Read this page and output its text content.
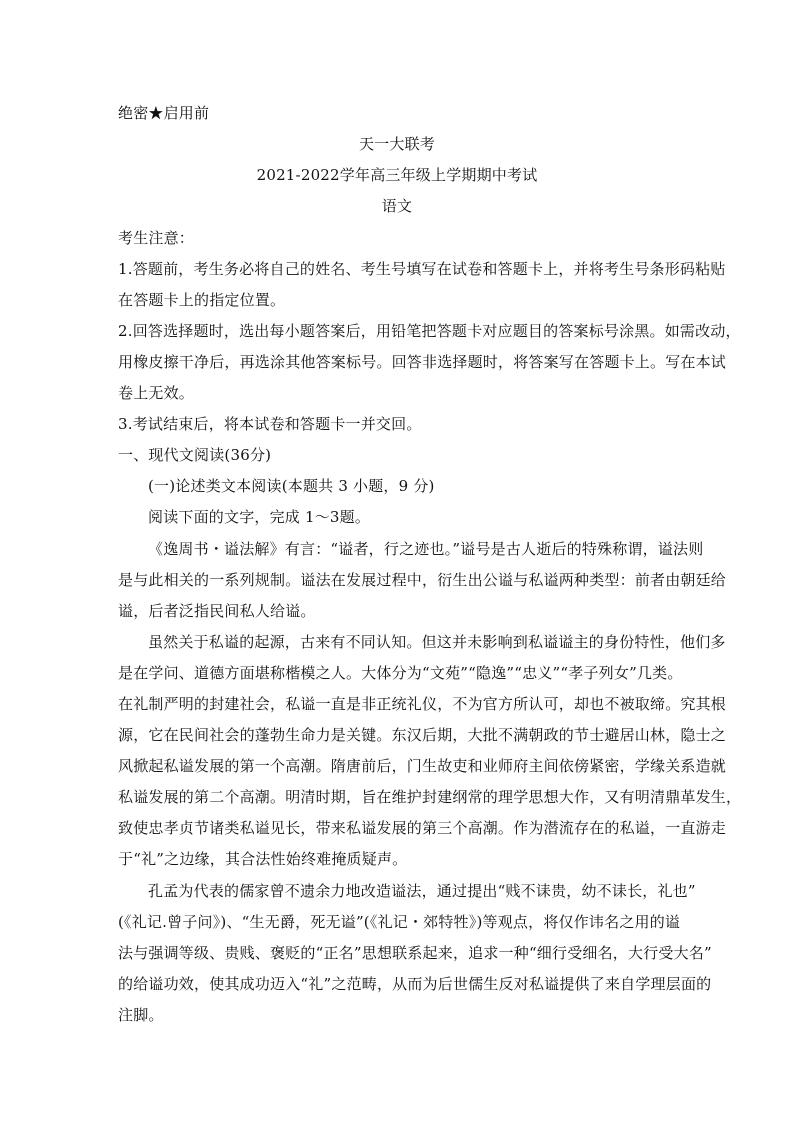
绝密★启用前
天一大联考
2021-2022学年高三年级上学期期中考试
语文
考生注意：
1.答题前，考生务必将自己的姓名、考生号填写在试卷和答题卡上，并将考生号条形码粘贴
在答题卡上的指定位置。
2.回答选择题时，选出每小题答案后，用铅笔把答题卡对应题目的答案标号涂黑。如需改动，
用橡皮擦干净后，再选涂其他答案标号。回答非选择题时，将答案写在答题卡上。写在本试
卷上无效。
3.考试结束后，将本试卷和答题卡一并交回。
一、现代文阅读(36分)
(一)论述类文本阅读(本题共 3 小题，9 分)
阅读下面的文字，完成 1～3题。
《逸周书・谥法解》有言：“谥者，行之迹也。”谥号是古人逝后的特殊称谓，谥法则
是与此相关的一系列规制。谥法在发展过程中，衍生出公谥与私谥两种类型：前者由朝廷给
谥，后者泛指民间私人给谥。
虽然关于私谥的起源，古来有不同认知。但这并未影响到私谥谥主的身份特性，他们多
是在学问、道德方面堪称楷模之人。大体分为“文苑”“隐逸”“忠义”“孝子列女”几类。
在礼制严明的封建社会，私谥一直是非正统礼仪，不为官方所认可，却也不被取缔。究其根
源，它在民间社会的蓬勃生命力是关键。东汉后期，大批不满朝政的节士避居山林，隐士之
风掀起私谥发展的第一个高潮。隋唐前后，门生故吏和业师府主间依傍紧密，学缘关系造就
私谥发展的第二个高潮。明清时期，旨在维护封建纲常的理学思想大作，又有明清鼎革发生，
致使忠孝贞节诸类私谥见长，带来私谥发展的第三个高潮。作为潜流存在的私谥，一直游走
于“礼”之边缘，其合法性始终难掩质疑声。
孔孟为代表的儒家曾不遗余力地改造谥法，通过提出“贱不诔贵，幼不诔长，礼也”
(《礼记.曾子问》)、“生无爵，死无谥”(《礼记・郊特牲》)等观点，将仅作讳名之用的谥
法与强调等级、贵贱、褒贬的“正名”思想联系起来，追求一种“细行受细名，大行受大名”
的给谥功效，使其成功迈入“礼”之范畴，从而为后世儒生反对私谥提供了来自学理层面的
注脚。
